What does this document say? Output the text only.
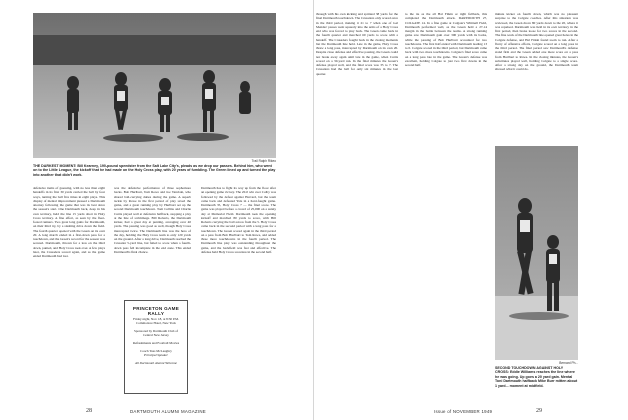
Trail Ralph Rikeo
THE DARKEST MOMENT: Bill Kearney, 190-pound speedster from the Salt Lake City's, pleads as we drop our passes. Behind him, who went on to the Little League, the kickoff that he had made on the Holy Cross play, with 20 years of fumbling. The Green lined up and turned the play into another that didn't work.

defensive items of guessing, with no less than eight handoffs in its first 30 yards carried the ball by four ways, turning the ball five times in eight plays. This display of mental improvement pleased a Dartmouth attorney following the game that was its best since the season's start. One Dartmouth back, deep in his own territory, held the line 15 yards short in Holy Cross territory. A fine effort, as seen by the fleet-footed runners. Two great long gains for Dartmouth, on their third try, by a slashing drive down the field. The fourth quarter opened with the Green on its own 20. A long march ended in a first-down pass for a touchdown, and the Green's record for the season was secured. Dartmouth, thrown for a loss on the third down, punted, and Holy Cross took over. A few plays later, the Crusaders scored again, and as the game ended Dartmouth had lost.

was the defensive performance of three sophomore backs. Bob Hurlburt, Tom Rowe and Joe Vancisin, who shared ball-carrying duties during the game. A superb tackle by Rowe in the first period of play saved the game, and a great running play by Hurlburt set up the second Dartmouth touchdown. Tom Collins and Charlie Curtis played well at defensive halfback, stopping a play at the line of scrimmage. Bill Roberts, the Dartmouth kicker, had a great day at punting, averaging over 40 yards. The passing was good as well, though Holy Cross intercepted twice. The Dartmouth line was the hero of the day, holding the Holy Cross team to only 120 yards on the ground. After a long drive, Dartmouth reached the Crusader 5-yard line, but failed to score when a fourth-down pass fell incomplete in the end zone. This ended Dartmouth's final chance.

Dartmouth has to fight its way up from the floor after an opening game victory. The 20-0 win over Colby was followed by the defeat against Harvard, but the team came back and defeated Yale in a hard-fought game. Dartmouth 35, Holy Cross 7 — the final score. The game was played before a crowd of 25,000 on a sunny day at Memorial Field. Dartmouth took the opening kickoff and marched 80 yards to score, with Bill Roberts carrying the ball across from the 5. Holy Cross came back in the second period with a long pass for a touchdown. The Green scored again in the third period on a pass from Bob Hurlburt to Tom Rowe, and added three more touchdowns in the fourth period. The Dartmouth line play was outstanding throughout the game, and the backfield was fast and effective. The defense held Holy Cross scoreless in the second half.

PRINCETON GAME RALLY
Friday night, Nov. 18, at 8:30 P.M.
Commodore Hotel, New York
Sponsored by Dartmouth Club of
Central New Jersey
Refreshments and Football Movies
Coach Tuss McLaughry
Principal Speaker
All Dartmouth Alumni Welcome
28	DARTMOUTH ALUMNI MAGAZINE

through with his own kicking and sprinted 38 yards for the final Dartmouth touchdown. The Crusaders only scored once in the third period, making it 21 to 7 when one of Gal Mendes' passes went squarely into the arms of a Holy Cross end who was forced to play back. The Green came back in the fourth quarter and marched 60 yards to score with a handoff. The Crusaders fought back in the closing moments but the Dartmouth line held. Late in the game, Holy Cross threw a long pass, intercepted by Dartmouth on its own 20. Despite close defense and effective passing, the Green could not break away again until late in the game, when Curtis scored on a 30-yard run. In the final minutes the Green's defense played well, and the final score was 35 to 7. The Crusaders had the ball for only six minutes in the last quarter.

to the tie as the all Hal Fitkin or right fullback, this completed the Dartmouth attack. DARTMOUTH 27, COLGATE 14. In a fine game at Colgate's Whitnall Field, Dartmouth performed well, as the Green held a 27-14 margin in the battle between the teams. A strong running game saw Dartmouth gain over 300 yards with its backs, while the passing of Bob Hurlburt accounted for two touchdowns. The first half ended with Dartmouth leading 13 to 0. Colgate scored in the third period, but Dartmouth came back with two more touchdowns. Colgate's final score came on a long pass late in the game. The Green's defense was excellent, holding Colgate to just two first downs in the second half.

minute kicker on fourth down, which was no pleasant surprise to the Colgate coaches. After this situation was reviewed, the Green drove 80 yards down to the 20, where it was repulsed. Dartmouth was held in its own territory in the first period, then broke loose for two scores in the second. The fine work of the Dartmouth line opened great holes in the Colgate defense, and Hal Fitkin found room to run. After a flurry of offensive efforts, Colgate scored on a long pass in the third period. The final period saw Dartmouth's defense stand firm and the Green added one more score on a pass from Hurlburt to Rowe. In the closing minutes, the Green's substitutes played well, holding Colgate to a single score. After a strong day on the ground, the Dartmouth team showed what it could do.

Bernard Ph...
SECOND TOUCHDOWN AGAINST HOLY CROSS: Eddie Williams reaches the line where he was going. Up goes a 20 yard gain. Mental Toni Dartmouth halfback Mike Burr mitten about 1 yard... moment at midfield.
29
Issue of NOVEMBER 1949
